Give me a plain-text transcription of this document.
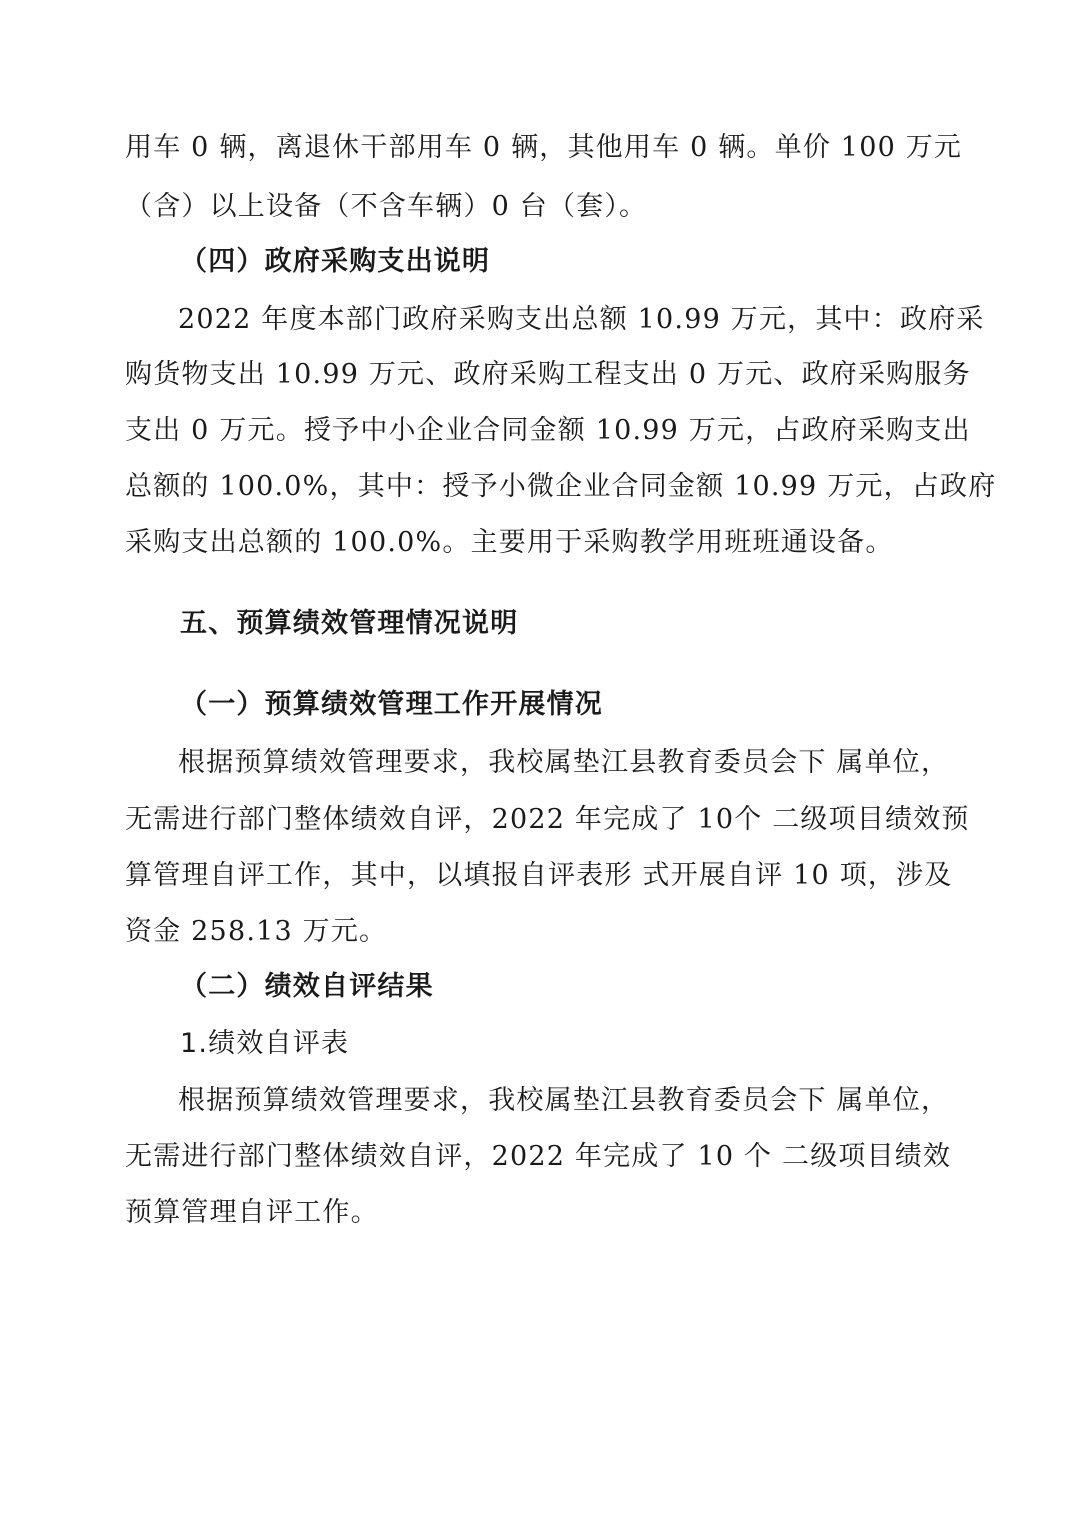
用车 0 辆，离退休干部用车 0 辆，其他用车 0 辆。单价 100 万元
（含）以上设备（不含车辆）0 台（套）。
（四）政府采购支出说明
2022 年度本部门政府采购支出总额 10.99 万元，其中：政府采
购货物支出 10.99 万元、政府采购工程支出 0 万元、政府采购服务
支出 0 万元。授予中小企业合同金额 10.99 万元，占政府采购支出
总额的 100.0%，其中：授予小微企业合同金额 10.99 万元，占政府
采购支出总额的 100.0%。主要用于采购教学用班班通设备。
五、预算绩效管理情况说明
（一）预算绩效管理工作开展情况
根据预算绩效管理要求，我校属垫江县教育委员会下 属单位，
无需进行部门整体绩效自评，2022 年完成了 10个 二级项目绩效预
算管理自评工作，其中，以填报自评表形 式开展自评 10 项，涉及
资金 258.13 万元。
（二）绩效自评结果
1.绩效自评表
根据预算绩效管理要求，我校属垫江县教育委员会下 属单位，
无需进行部门整体绩效自评，2022 年完成了 10 个 二级项目绩效
预算管理自评工作。
